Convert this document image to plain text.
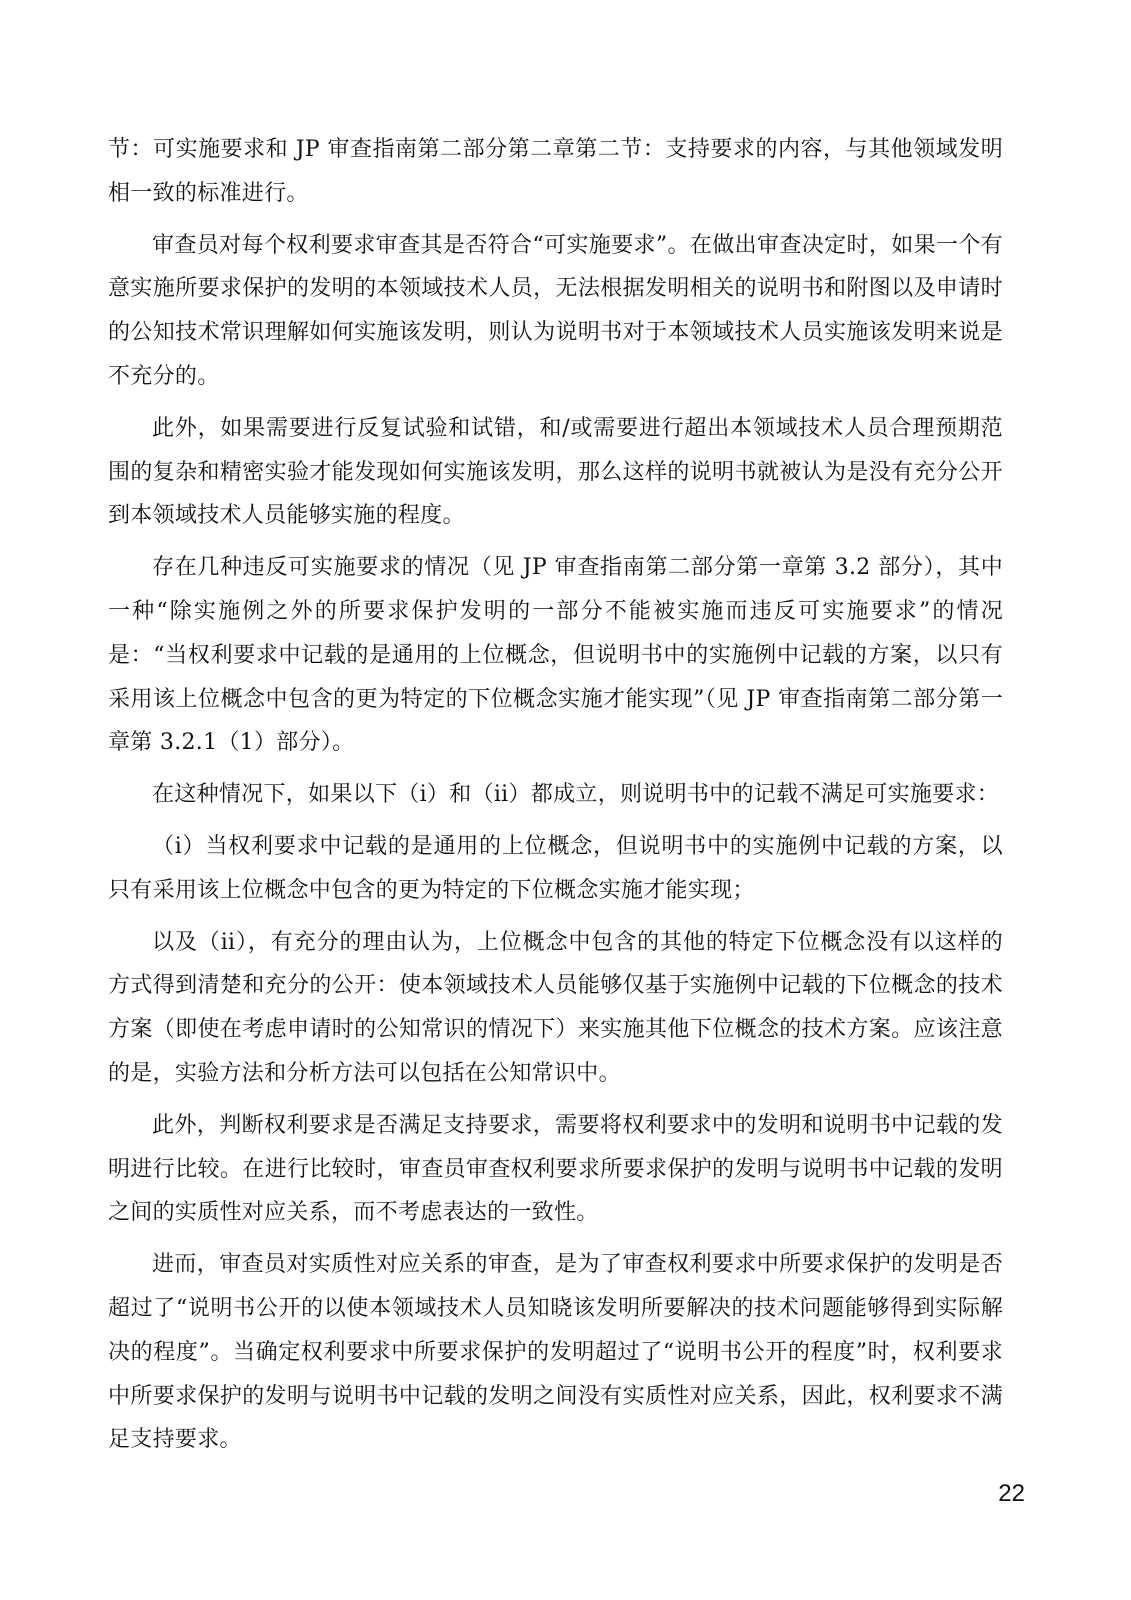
节：可实施要求和 JP 审查指南第二部分第二章第二节：支持要求的内容，与其他领域发明相一致的标准进行。

审查员对每个权利要求审查其是否符合“可实施要求”。在做出审查决定时，如果一个有意实施所要求保护的发明的本领域技术人员，无法根据发明相关的说明书和附图以及申请时的公知技术常识理解如何实施该发明，则认为说明书对于本领域技术人员实施该发明来说是不充分的。

此外，如果需要进行反复试验和试错，和/或需要进行超出本领域技术人员合理预期范围的复杂和精密实验才能发现如何实施该发明，那么这样的说明书就被认为是没有充分公开到本领域技术人员能够实施的程度。

存在几种违反可实施要求的情况（见 JP 审查指南第二部分第一章第 3.2 部分），其中一种“除实施例之外的所要求保护发明的一部分不能被实施而违反可实施要求”的情况是：“当权利要求中记载的是通用的上位概念，但说明书中的实施例中记载的方案，以只有采用该上位概念中包含的更为特定的下位概念实施才能实现”（见 JP 审查指南第二部分第一章第 3.2.1（1）部分）。

在这种情况下，如果以下（i）和（ii）都成立，则说明书中的记载不满足可实施要求：

（i）当权利要求中记载的是通用的上位概念，但说明书中的实施例中记载的方案，以只有采用该上位概念中包含的更为特定的下位概念实施才能实现；

以及（ii），有充分的理由认为，上位概念中包含的其他的特定下位概念没有以这样的方式得到清楚和充分的公开：使本领域技术人员能够仅基于实施例中记载的下位概念的技术方案（即使在考虑申请时的公知常识的情况下）来实施其他下位概念的技术方案。应该注意的是，实验方法和分析方法可以包括在公知常识中。

此外，判断权利要求是否满足支持要求，需要将权利要求中的发明和说明书中记载的发明进行比较。在进行比较时，审查员审查权利要求所要求保护的发明与说明书中记载的发明之间的实质性对应关系，而不考虑表达的一致性。

进而，审查员对实质性对应关系的审查，是为了审查权利要求中所要求保护的发明是否超过了“说明书公开的以使本领域技术人员知晓该发明所要解决的技术问题能够得到实际解决的程度”。当确定权利要求中所要求保护的发明超过了“说明书公开的程度”时，权利要求中所要求保护的发明与说明书中记载的发明之间没有实质性对应关系，因此，权利要求不满足支持要求。

22
